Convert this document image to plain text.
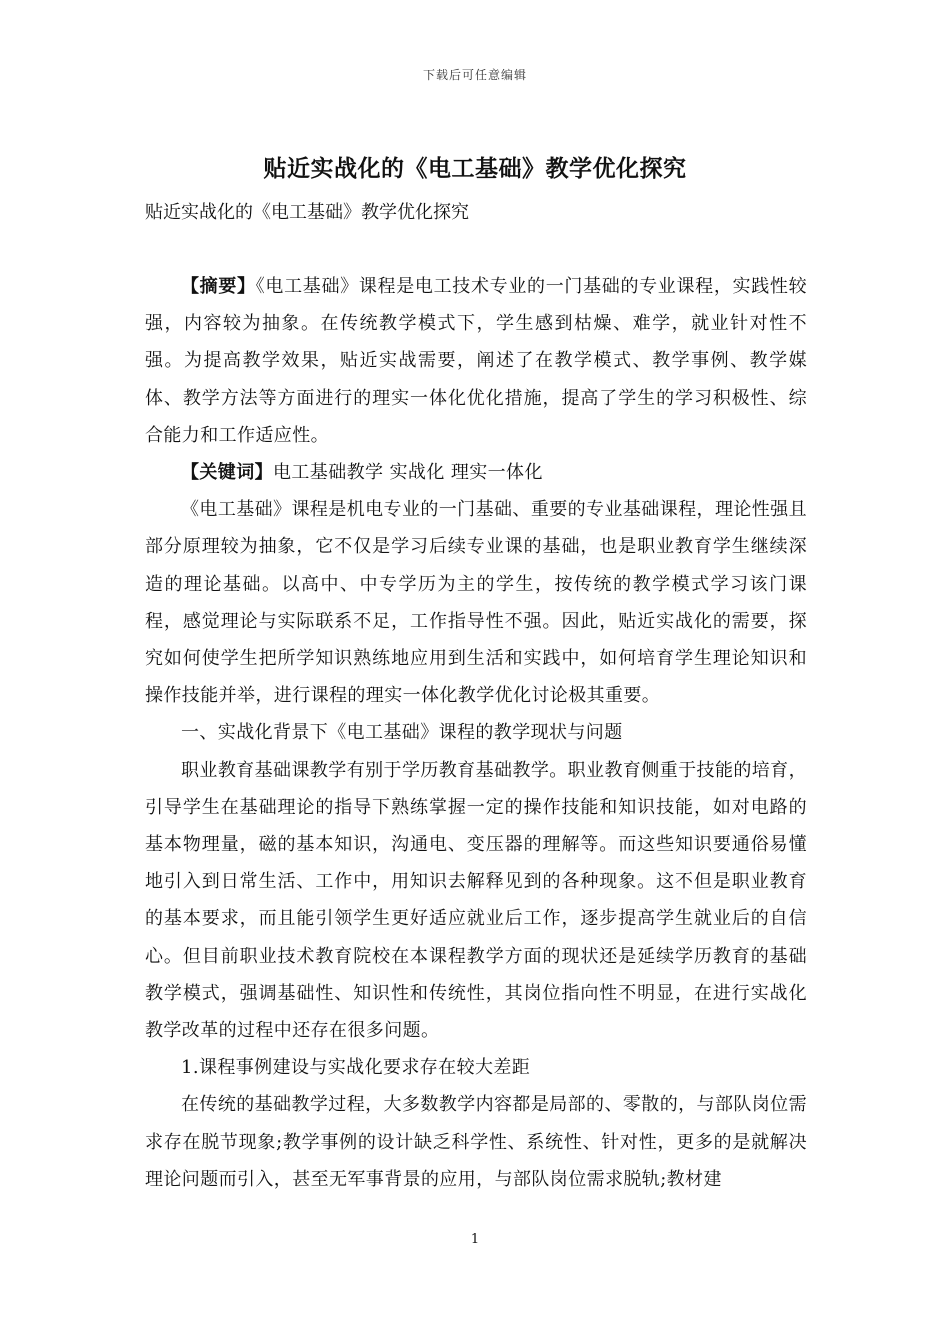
下载后可任意编辑
贴近实战化的《电工基础》教学优化探究
贴近实战化的《电工基础》教学优化探究

【摘要】《电工基础》课程是电工技术专业的一门基础的专业课程，实践性较强，内容较为抽象。在传统教学模式下，学生感到枯燥、难学，就业针对性不强。为提高教学效果，贴近实战需要，阐述了在教学模式、教学事例、教学媒体、教学方法等方面进行的理实一体化优化措施，提高了学生的学习积极性、综合能力和工作适应性。

【关键词】电工基础教学 实战化 理实一体化

《电工基础》课程是机电专业的一门基础、重要的专业基础课程，理论性强且部分原理较为抽象，它不仅是学习后续专业课的基础，也是职业教育学生继续深造的理论基础。以高中、中专学历为主的学生，按传统的教学模式学习该门课程，感觉理论与实际联系不足，工作指导性不强。因此，贴近实战化的需要，探究如何使学生把所学知识熟练地应用到生活和实践中，如何培育学生理论知识和操作技能并举，进行课程的理实一体化教学优化讨论极其重要。

一、实战化背景下《电工基础》课程的教学现状与问题

职业教育基础课教学有别于学历教育基础教学。职业教育侧重于技能的培育，引导学生在基础理论的指导下熟练掌握一定的操作技能和知识技能，如对电路的基本物理量，磁的基本知识，沟通电、变压器的理解等。而这些知识要通俗易懂地引入到日常生活、工作中，用知识去解释见到的各种现象。这不但是职业教育的基本要求，而且能引领学生更好适应就业后工作，逐步提高学生就业后的自信心。但目前职业技术教育院校在本课程教学方面的现状还是延续学历教育的基础教学模式，强调基础性、知识性和传统性，其岗位指向性不明显，在进行实战化教学改革的过程中还存在很多问题。

1.课程事例建设与实战化要求存在较大差距

在传统的基础教学过程，大多数教学内容都是局部的、零散的，与部队岗位需求存在脱节现象;教学事例的设计缺乏科学性、系统性、针对性，更多的是就解决理论问题而引入，甚至无军事背景的应用，与部队岗位需求脱轨;教材建

1
